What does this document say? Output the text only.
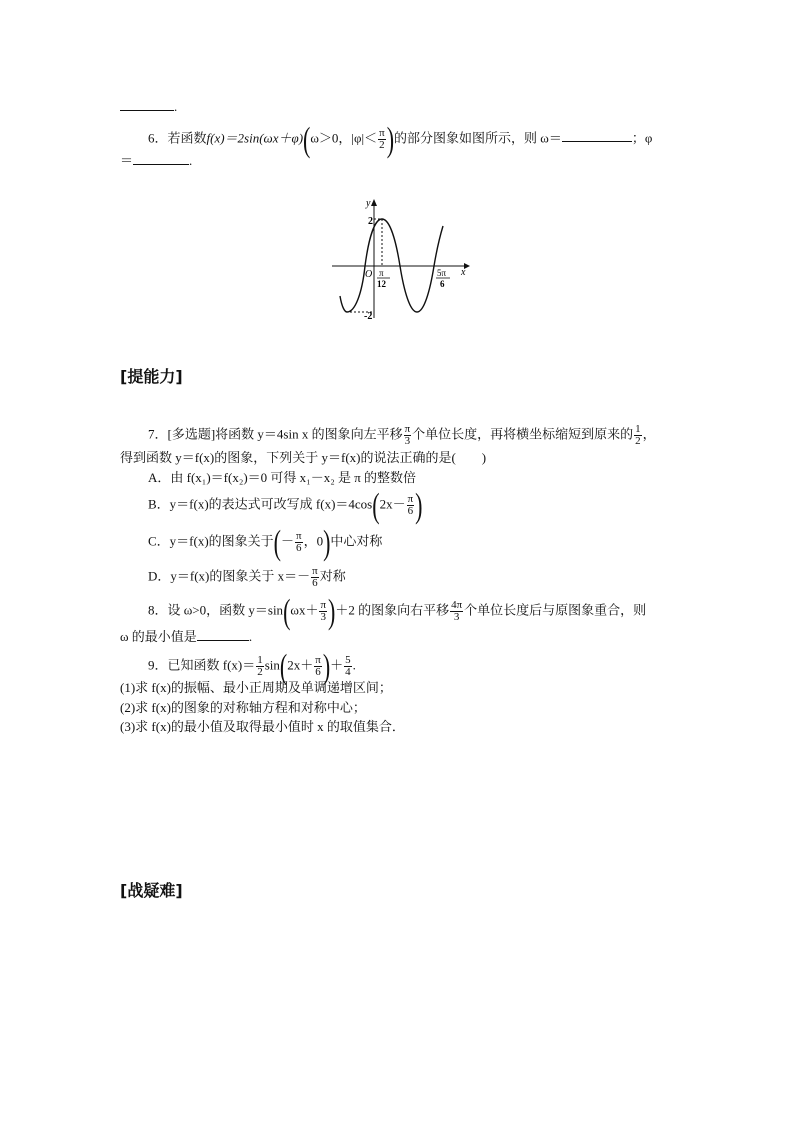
.
6．若函数f(x)＝2sin(ωx＋φ)(ω＞0，$|\varphi|< \frac{\pi}{2}$ )的部分图象如图所示，则 ω＝	；φ
＝	.
y
x
O
2
-2
π
12
5π
6
[提能力]
7．[多选题]将函数 y＝4sin x 的图象向左平移 $\frac{\pi}{3}$ 个单位长度，再将横坐标缩短到原来的 $\frac{1}{2}$ ，
得到函数 y＝f(x)的图象，下列关于 y＝f(x)的说法正确的是(　　)
A．由 f(x₁)＝f(x₂)＝0 可得 x₁－x₂ 是 π 的整数倍
B．y＝f(x)的表达式可改写成 $f(x)=4\cos(2x- \frac{\pi}{6}$ )
C．y＝f(x)的图象关于(－ $\frac{\pi}{6}$ ，0)中心对称
D．y＝f(x)的图象关于 $x=- \frac{\pi}{6}$ 对称
8．设 ω>0，函数 $y=\sin(\omega x+ \frac{\pi}{3} )+2$ 的图象向右平移 $\frac{4\pi}{3}$ 个单位长度后与原图象重合，则
ω 的最小值是	.
9．已知函数 $f(x)= \frac{1}{2} \sin(2x+ \frac{\pi}{6}$ )＋ $\frac{5}{4}$ .
(1)求 f(x)的振幅、最小正周期及单调递增区间；
(2)求 f(x)的图象的对称轴方程和对称中心；
(3)求 f(x)的最小值及取得最小值时 x 的取值集合．
[战疑难]
